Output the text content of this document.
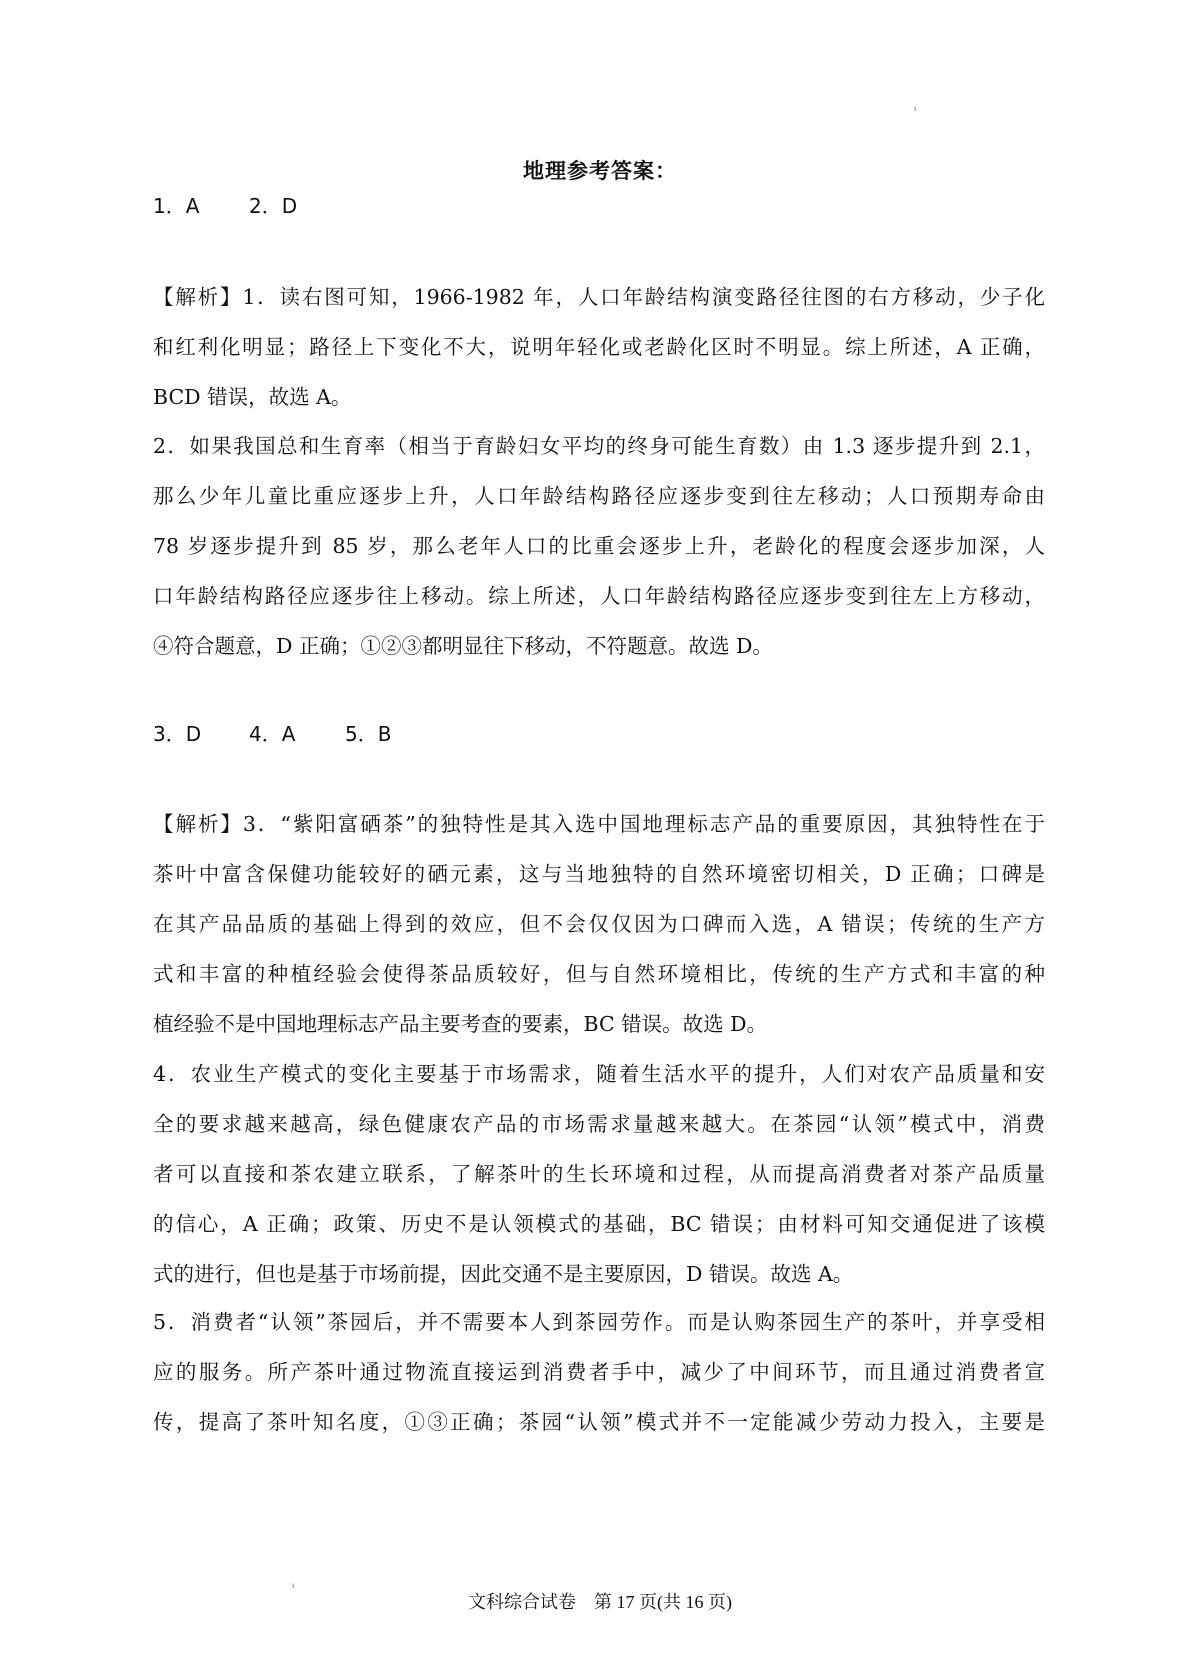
ı
地理参考答案：
1．A 2．D
【解析】1．读右图可知，1966-1982 年，人口年龄结构演变路径往图的右方移动，少子化
和红利化明显；路径上下变化不大，说明年轻化或老龄化区时不明显。综上所述，A 正确，
BCD 错误，故选 A。
2．如果我国总和生育率（相当于育龄妇女平均的终身可能生育数）由 1.3 逐步提升到 2.1，
那么少年儿童比重应逐步上升，人口年龄结构路径应逐步变到往左移动；人口预期寿命由
78 岁逐步提升到 85 岁，那么老年人口的比重会逐步上升，老龄化的程度会逐步加深，人
口年龄结构路径应逐步往上移动。综上所述，人口年龄结构路径应逐步变到往左上方移动，
④符合题意，D 正确；①②③都明显往下移动，不符题意。故选 D。
3．D 4．A 5．B
【解析】3．“紫阳富硒茶”的独特性是其入选中国地理标志产品的重要原因，其独特性在于
茶叶中富含保健功能较好的硒元素，这与当地独特的自然环境密切相关，D 正确；口碑是
在其产品品质的基础上得到的效应，但不会仅仅因为口碑而入选，A 错误；传统的生产方
式和丰富的种植经验会使得茶品质较好，但与自然环境相比，传统的生产方式和丰富的种
植经验不是中国地理标志产品主要考查的要素，BC 错误。故选 D。
4．农业生产模式的变化主要基于市场需求，随着生活水平的提升，人们对农产品质量和安
全的要求越来越高，绿色健康农产品的市场需求量越来越大。在茶园“认领”模式中，消费
者可以直接和茶农建立联系，了解茶叶的生长环境和过程，从而提高消费者对茶产品质量
的信心，A 正确；政策、历史不是认领模式的基础，BC 错误；由材料可知交通促进了该模
式的进行，但也是基于市场前提，因此交通不是主要原因，D 错误。故选 A。
5．消费者“认领”茶园后，并不需要本人到茶园劳作。而是认购茶园生产的茶叶，并享受相
应的服务。所产茶叶通过物流直接运到消费者手中，减少了中间环节，而且通过消费者宣
传，提高了茶叶知名度，①③正确；茶园“认领”模式并不一定能减少劳动力投入，主要是
ı
文科综合试卷　第 17 页(共 16 页)
